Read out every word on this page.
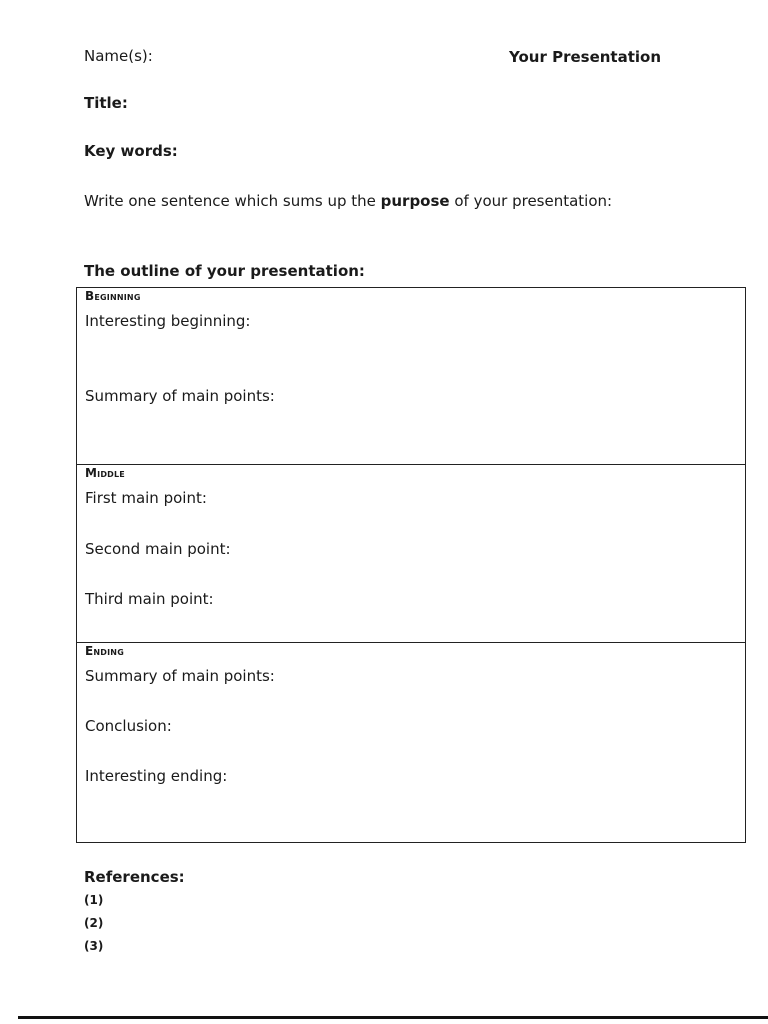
Name(s):	Your Presentation
Title:
Key words:
Write one sentence which sums up the purpose of your presentation:
The outline of your presentation:
Beginning
Interesting beginning:
Summary of main points:
Middle
First main point:
Second main point:
Third main point:
Ending
Summary of main points:
Conclusion:
Interesting ending:
References:
(1)
(2)
(3)
